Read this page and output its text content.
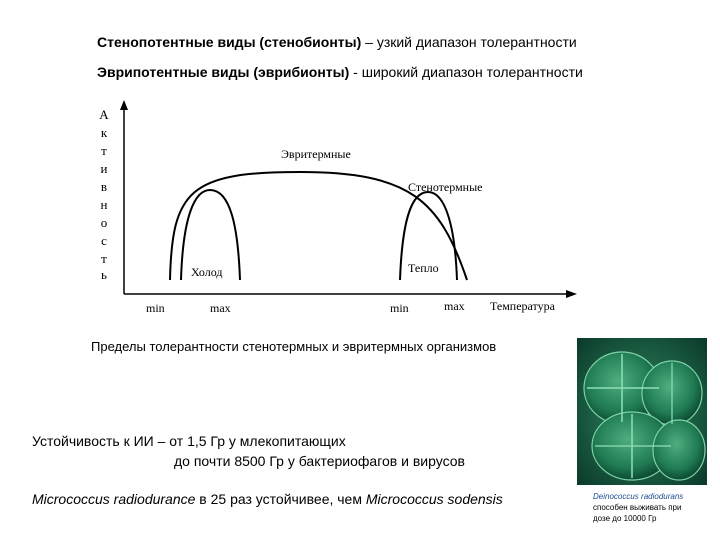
Стенопотентные виды (стенобионты) – узкий диапазон толерантности
Эврипотентные виды (эврибионты) - широкий диапазон толерантности
А
к
т
и
в
н
о
с
т
ь
Эвритермные
Стенотермные
Холод	Тепло
min	max	min	max Температура
Пределы толерантности стенотермных и эвритермных организмов
Устойчивость к ИИ – от 1,5 Гр у млекопитающих
до почти 8500 Гр у бактериофагов и вирусов
Micrococcus radiodurance в 25 раз устойчивее, чем Micrococcus sodensis	Deinococcus radiodurans
способен выживать при
дозе до 10000 Гр
